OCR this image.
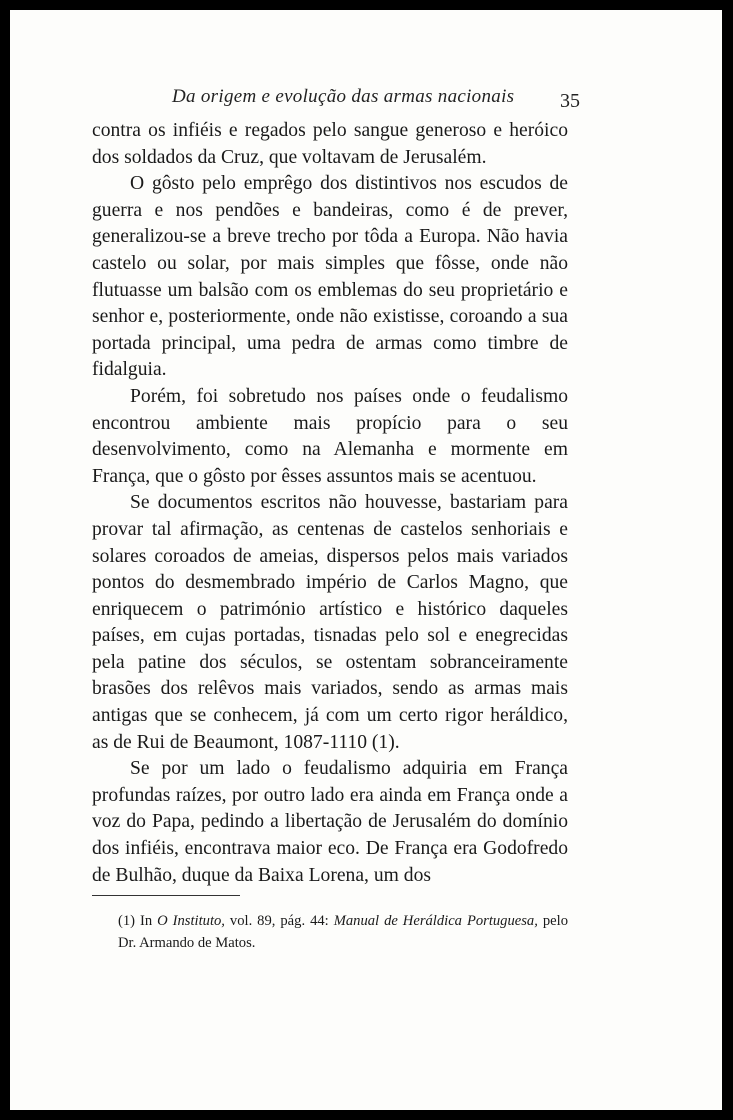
Da origem e evolução das armas nacionais 35

contra os infiéis e regados pelo sangue generoso e heróico dos soldados da Cruz, que voltavam de Jerusalém.

O gôsto pelo emprêgo dos distintivos nos escudos de guerra e nos pendões e bandeiras, como é de prever, generalizou-se a breve trecho por tôda a Europa. Não havia castelo ou solar, por mais simples que fôsse, onde não flutuasse um balsão com os emblemas do seu proprietário e senhor e, posteriormente, onde não existisse, coroando a sua portada principal, uma pedra de armas como timbre de fidalguia.

Porém, foi sobretudo nos países onde o feudalismo encontrou ambiente mais propício para o seu desenvolvimento, como na Alemanha e mormente em França, que o gôsto por êsses assuntos mais se acentuou.

Se documentos escritos não houvesse, bastariam para provar tal afirmação, as centenas de castelos senhoriais e solares coroados de ameias, dispersos pelos mais variados pontos do desmembrado império de Carlos Magno, que enriquecem o património artístico e histórico daqueles países, em cujas portadas, tisnadas pelo sol e enegrecidas pela patine dos séculos, se ostentam sobranceiramente brasões dos relêvos mais variados, sendo as armas mais antigas que se conhecem, já com um certo rigor heráldico, as de Rui de Beaumont, 1087-1110 (1).

Se por um lado o feudalismo adquiria em França profundas raízes, por outro lado era ainda em França onde a voz do Papa, pedindo a libertação de Jerusalém do domínio dos infiéis, encontrava maior eco. De França era Godofredo de Bulhão, duque da Baixa Lorena, um dos

(1) In O Instituto, vol. 89, pág. 44: Manual de Heráldica Portuguesa, pelo Dr. Armando de Matos.
